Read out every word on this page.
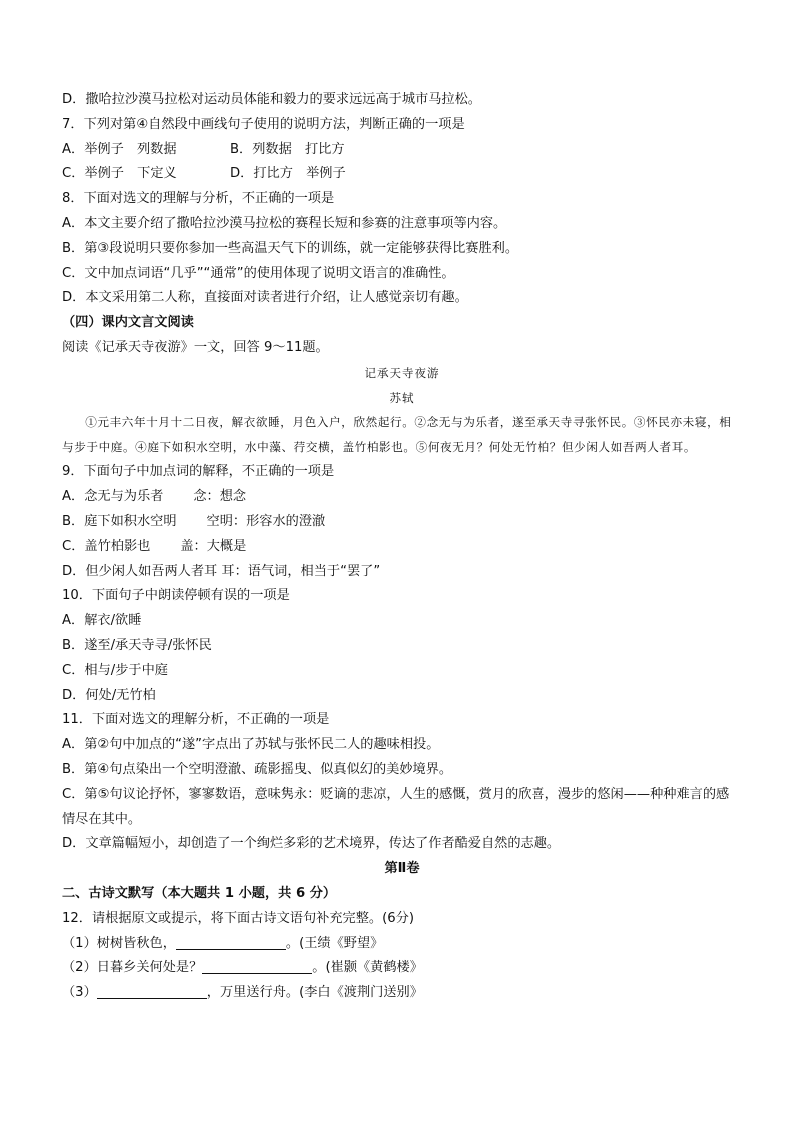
D．撒哈拉沙漠马拉松对运动员体能和毅力的要求远远高于城市马拉松。
7．下列对第④自然段中画线句子使用的说明方法，判断正确的一项是
A．举例子　列数据	B．列数据　打比方
C．举例子　下定义	D．打比方　举例子
8．下面对选文的理解与分析，不正确的一项是
A．本文主要介绍了撒哈拉沙漠马拉松的赛程长短和参赛的注意事项等内容。
B．第③段说明只要你参加一些高温天气下的训练，就一定能够获得比赛胜利。
C．文中加点词语“几乎”“通常”的使用体现了说明文语言的准确性。
D．本文采用第二人称，直接面对读者进行介绍，让人感觉亲切有趣。
（四）课内文言文阅读
阅读《记承天寺夜游》一文，回答 9～11题。
记承天寺夜游
苏轼
①元丰六年十月十二日夜，解衣欲睡，月色入户，欣然起行。②念无与为乐者，遂至承天寺寻张怀民。③怀民亦未寝，相与步于中庭。④庭下如积水空明，水中藻、荇交横，盖竹柏影也。⑤何夜无月？何处无竹柏？但少闲人如吾两人者耳。
9．下面句子中加点词的解释，不正确的一项是
A．念无与为乐者 念：想念
B．庭下如积水空明 空明：形容水的澄澈
C．盖竹柏影也 盖：大概是
D．但少闲人如吾两人者耳 耳：语气词，相当于“罢了”
10．下面句子中朗读停顿有误的一项是
A．解衣/欲睡
B．遂至/承天寺寻/张怀民
C．相与/步于中庭
D．何处/无竹柏
11．下面对选文的理解分析，不正确的一项是
A．第②句中加点的“遂”字点出了苏轼与张怀民二人的趣味相投。
B．第④句点染出一个空明澄澈、疏影摇曳、似真似幻的美妙境界。
C．第⑤句议论抒怀，寥寥数语，意味隽永：贬谪的悲凉，人生的感慨，赏月的欣喜，漫步的悠闲——种种难言的感情尽在其中。
D．文章篇幅短小，却创造了一个绚烂多彩的艺术境界，传达了作者酷爱自然的志趣。
第Ⅱ卷
二、古诗文默写（本大题共 1 小题，共 6 分）
12．请根据原文或提示，将下面古诗文语句补充完整。(6分)
（1）树树皆秋色，	。(王绩《野望》
（2）日暮乡关何处是？	。(崔颢《黄鹤楼》
（3）	，万里送行舟。(李白《渡荆门送别》
